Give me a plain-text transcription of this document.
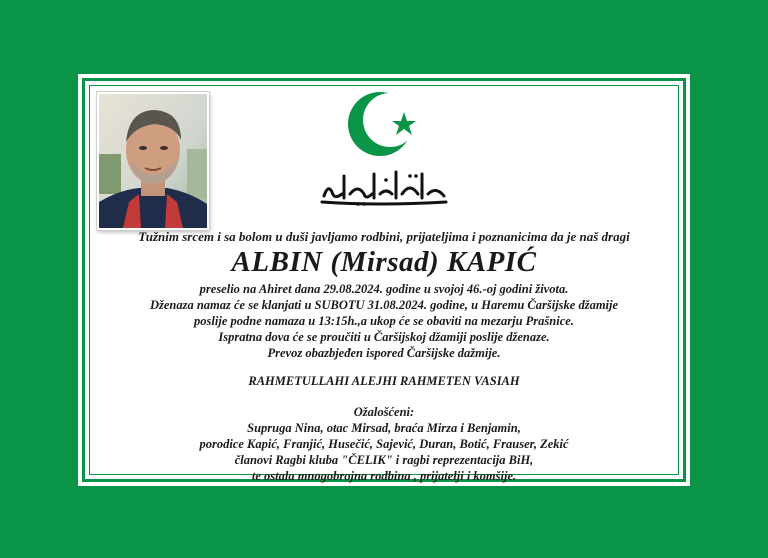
Tužnim srcem i sa bolom u duši javljamo rodbini, prijateljima i poznanicima da je naš dragi
ALBIN (Mirsad) KAPIĆ
preselio na Ahiret dana 29.08.2024. godine u svojoj 46.-oj godini života.
Dženaza namaz će se klanjati u SUBOTU 31.08.2024. godine, u Haremu Čaršijske džamije
poslije podne namaza u 13:15h.,a ukop će se obaviti na mezarju Prašnice.
Ispratna dova će se proučiti u Čaršijskoj džamiji poslije dženaze.
Prevoz obazbjeđen ispored Čaršijske dažmije.
RAHMETULLAHI ALEJHI RAHMETEN VASIAH
Ožalošćeni:
Supruga Nina, otac Mirsad, braća Mirza i Benjamin,
porodice Kapić, Franjić, Husečić, Sajević, Duran, Botić, Frauser, Zekić
članovi Ragbi kluba "ČELIK" i ragbi reprezentacija BiH,
te ostala mnogobrojna rodbina , prijatelji i komšije.
